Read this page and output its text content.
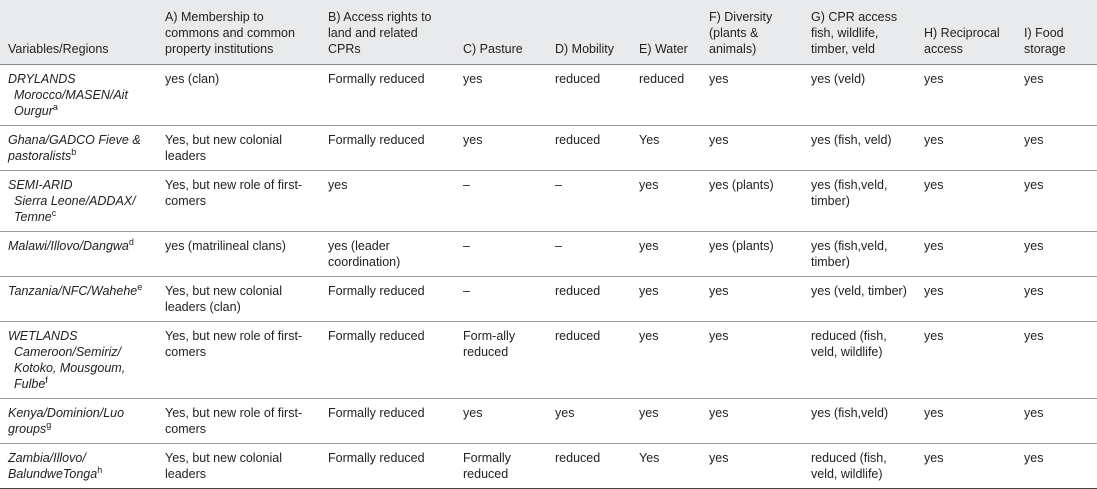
Variables/Regions	A) Membership to commons and common property institutions	B) Access rights to land and related CPRs	C) Pasture	D) Mobility	E) Water	F) Diversity (plants & animals)	G) CPR access fish, wildlife, timber, veld	H) Reciprocal access	I) Food storage

DRYLANDS
Morocco/MASEN/Ait Ourgur$^a$	yes (clan)	Formally reduced	yes	reduced	reduced	yes	yes (veld)	yes	yes
Ghana/GADCO Fieve & pastoralists$^b$	Yes, but new colonial leaders	Formally reduced	yes	reduced	Yes	yes	yes (fish, veld)	yes	yes

SEMI-ARID
Sierra Leone/ADDAX/ Temne$^c$	Yes, but new role of first-comers	yes	–	–	yes	yes (plants)	yes (fish,veld, timber)	yes	yes
Malawi/Illovo/Dangwa$^d$	yes (matrilineal clans)	yes (leader coordination)	–	–	yes	yes (plants)	yes (fish,veld, timber)	yes	yes
Tanzania/NFC/Wahehe$^e$	Yes, but new colonial leaders (clan)	Formally reduced	–	reduced	yes	yes	yes (veld, timber)	yes	yes

WETLANDS
Cameroon/Semiriz/ Kotoko, Mousgoum, Fulbe$^f$	Yes, but new role of first-comers	Formally reduced	Form-ally reduced	reduced	yes	yes	reduced (fish, veld, wildlife)	yes	yes
Kenya/Dominion/Luo groups$^g$	Yes, but new role of first-comers	Formally reduced	yes	yes	yes	yes	yes (fish,veld)	yes	yes
Zambia/Illovo/ BalundweTonga$^h$	Yes, but new colonial leaders	Formally reduced	Formally reduced	reduced	Yes	yes	reduced (fish, veld, wildlife)	yes	yes
